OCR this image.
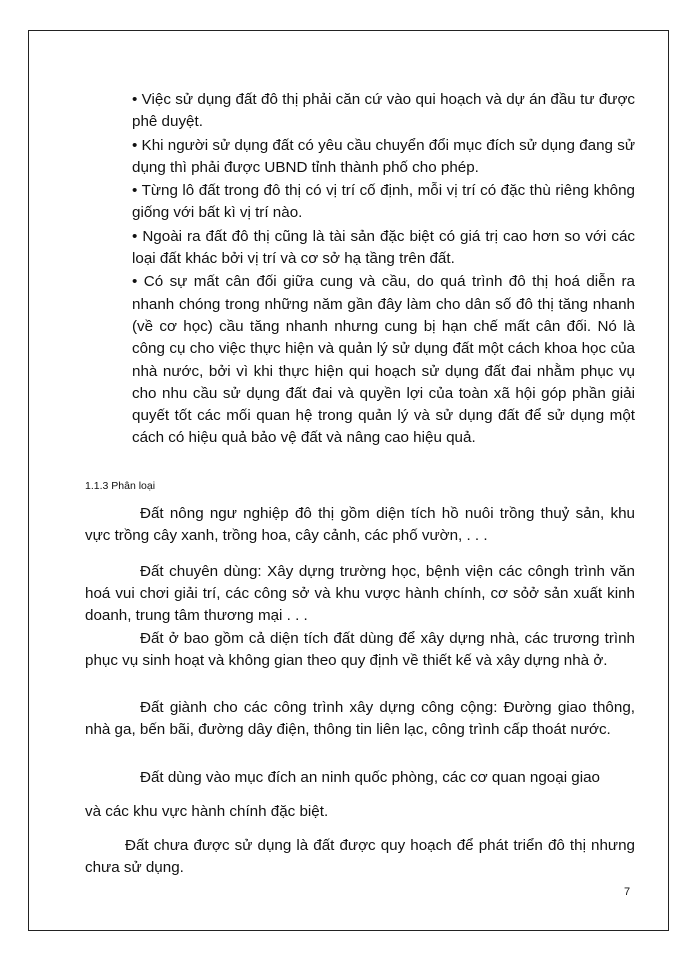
• Việc sử dụng đất đô thị phải căn cứ vào qui hoạch và dự án đầu tư được phê duyệt.

• Khi người sử dụng đất có yêu cầu chuyển đổi mục đích sử dụng đang sử dụng thì phải được UBND tỉnh thành phố cho phép.

• Từng lô đất trong đô thị có vị trí cố định, mỗi vị trí có đặc thù riêng không giống với bất kì vị trí nào.

• Ngoài ra đất đô thị cũng là tài sản đặc biệt có giá trị cao hơn so với các loại đất khác bởi vị trí và cơ sở hạ tầng trên đất.

• Có sự mất cân đối giữa cung và cầu, do quá trình đô thị hoá diễn ra nhanh chóng trong những năm gần đây làm cho dân số đô thị tăng nhanh (về cơ học) cầu tăng nhanh nhưng cung bị hạn chế mất cân đối. Nó là công cụ cho việc thực hiện và quản lý sử dụng đất một cách khoa học của nhà nước, bởi vì khi thực hiện qui hoạch sử dụng đất đai nhằm phục vụ cho nhu cầu sử dụng đất đai và quyền lợi của toàn xã hội góp phần giải quyết tốt các mối quan hệ trong quản lý và sử dụng đất để sử dụng một cách có hiệu quả bảo vệ đất và nâng cao hiệu quả.

1.1.3 Phân loại

Đất nông ngư nghiệp đô thị gồm diện tích hồ nuôi trồng thuỷ sản, khu vực trồng cây xanh, trồng hoa, cây cảnh, các phố vườn, . . .

Đất chuyên dùng: Xây dựng trường học, bệnh viện các côngh trình văn hoá vui chơi giải trí, các công sở và khu vược hành chính, cơ sỏở sản xuất kinh doanh, trung tâm thương mại . . .

Đất ở bao gồm cả diện tích đất dùng để xây dựng nhà, các trương trình phục vụ sinh hoạt và không gian theo quy định về thiết kế và xây dựng nhà ở.

Đất giành cho các công trình xây dựng công cộng: Đường giao thông, nhà ga, bến bãi, đường dây điện, thông tin liên lạc, công trình cấp thoát nước.

Đất dùng vào mục đích an ninh quốc phòng, các cơ quan ngoại giao

và các khu vực hành chính đặc biệt.

Đất chưa được sử dụng là đất được quy hoạch để phát triển đô thị nhưng chưa sử dụng.

7
